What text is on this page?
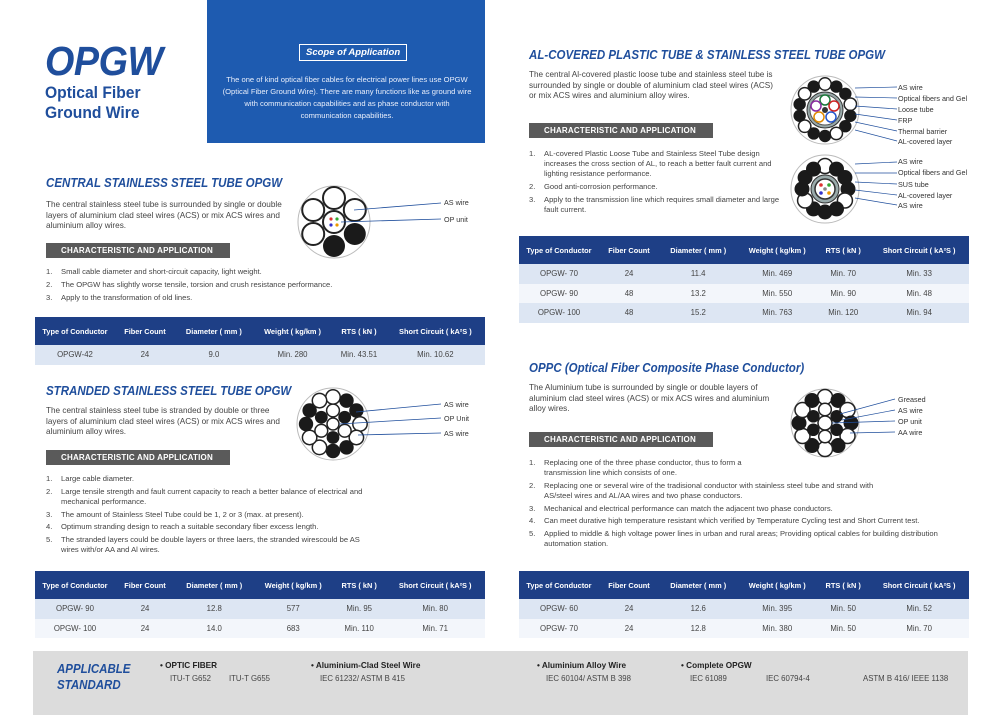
OPGW
Optical Fiber
Ground Wire
Scope of Application
The one of kind optical fiber cables for electrical power lines use OPGW (Optical Fiber Ground Wire). There are many functions like as ground wire with communication capabilities and as phase conductor with communication capabilities.
CENTRAL STAINLESS STEEL TUBE OPGW
The central stainless steel tube is surrounded by single or double layers of aluminium clad steel wires (ACS) or mix ACS wires and aluminium alloy wires.
AS wire
OP unit
CHARACTERISTIC AND APPLICATION
1. Small cable diameter and short-circuit capacity, light weight.
2. The OPGW has slightly worse tensile, torsion and crush resistance performance.
3. Apply to the transformation of old lines.
Type of Conductor	Fiber Count	Diameter ( mm )	Weight ( kg/km )	RTS ( kN )	Short Circuit ( kA²S )
OPGW-42	24	9.0	Min. 280	Min. 43.51	Min. 10.62
STRANDED STAINLESS STEEL TUBE OPGW
The central stainless steel tube is stranded by double or three layers of aluminium clad steel wires (ACS) or mix ACS wires and aluminium alloy wires.
AS wire
OP Unit
AS wire
CHARACTERISTIC AND APPLICATION
1. Large cable diameter.
2. Large tensile strength and fault current capacity to reach a better balance of electrical and mechanical performance.
3. The amount of Stainless Steel Tube could be 1, 2 or 3 (max. at present).
4. Optimum stranding design to reach a suitable secondary fiber excess length.
5. The stranded layers could be double layers or three laers, the stranded wirescould be AS wires with/or AA and Al wires.
Type of Conductor	Fiber Count	Diameter ( mm )	Weight ( kg/km )	RTS ( kN )	Short Circuit ( kA²S )
OPGW- 90	24	12.8	577	Min. 95	Min. 80
OPGW- 100	24	14.0	683	Min. 110	Min. 71
AL-COVERED PLASTIC TUBE & STAINLESS STEEL TUBE OPGW
The central Al-covered plastic loose tube and stainless steel tube is surrounded by single or double of aluminium clad steel wires (ACS) or mix ACS wires and aluminium alloy wires.
AS wire
Optical fibers and Gel
Loose tube
FRP
Thermal barrier
AL-covered layer
AS wire
Optical fibers and Gel
SUS tube
AL-covered layer
AS wire
CHARACTERISTIC AND APPLICATION
1. AL-covered Plastic Loose Tube and Stainless Steel Tube design increases the cross section of AL, to reach a better fault current and lighting resistance performance.
2. Good anti-corrosion performance.
3. Apply to the transmission line which requires small diameter and large fault current.
Type of Conductor	Fiber Count	Diameter ( mm )	Weight ( kg/km )	RTS ( kN )	Short Circuit ( kA²S )
OPGW- 70	24	11.4	Min. 469	Min. 70	Min. 33
OPGW- 90	48	13.2	Min. 550	Min. 90	Min. 48
OPGW- 100	48	15.2	Min. 763	Min. 120	Min. 94
OPPC (Optical Fiber Composite Phase Conductor)
The Aluminium tube is surrounded by single or double layers of aluminium clad steel wires (ACS) or mix ACS wires and aluminium alloy wires.
Greased
AS wire
OP unit
AA wire
CHARACTERISTIC AND APPLICATION
1. Replacing one of the three phase conductor, thus to form a transmission line which consists of one.
2. Replacing one or several wire of the tradisional conductor with stainless steel tube and strand with AS/steel wires and AL/AA wires and two phase conductors.
3. Mechanical and electrical performance can match the adjacent two phase conductors.
4. Can meet durative high temperature resistant which verified by Temperature Cycling test and Short Current test.
5. Applied to middle & high voltage power lines in urban and rural areas; Providing optical cables for building distribution automation station.
Type of Conductor	Fiber Count	Diameter ( mm )	Weight ( kg/km )	RTS ( kN )	Short Circuit ( kA²S )
OPGW- 60	24	12.6	Min. 395	Min. 50	Min. 52
OPGW- 70	24	12.8	Min. 380	Min. 50	Min. 70
APPLICABLE
STANDARD
• OPTIC FIBER
ITU-T G652 ITU-T G655
• Aluminium-Clad Steel Wire
IEC 61232/ ASTM B 415
• Aluminium Alloy Wire
IEC 60104/ ASTM B 398
• Complete OPGW
IEC 61089	IEC 60794-4	ASTM B 416/ IEEE 1138
